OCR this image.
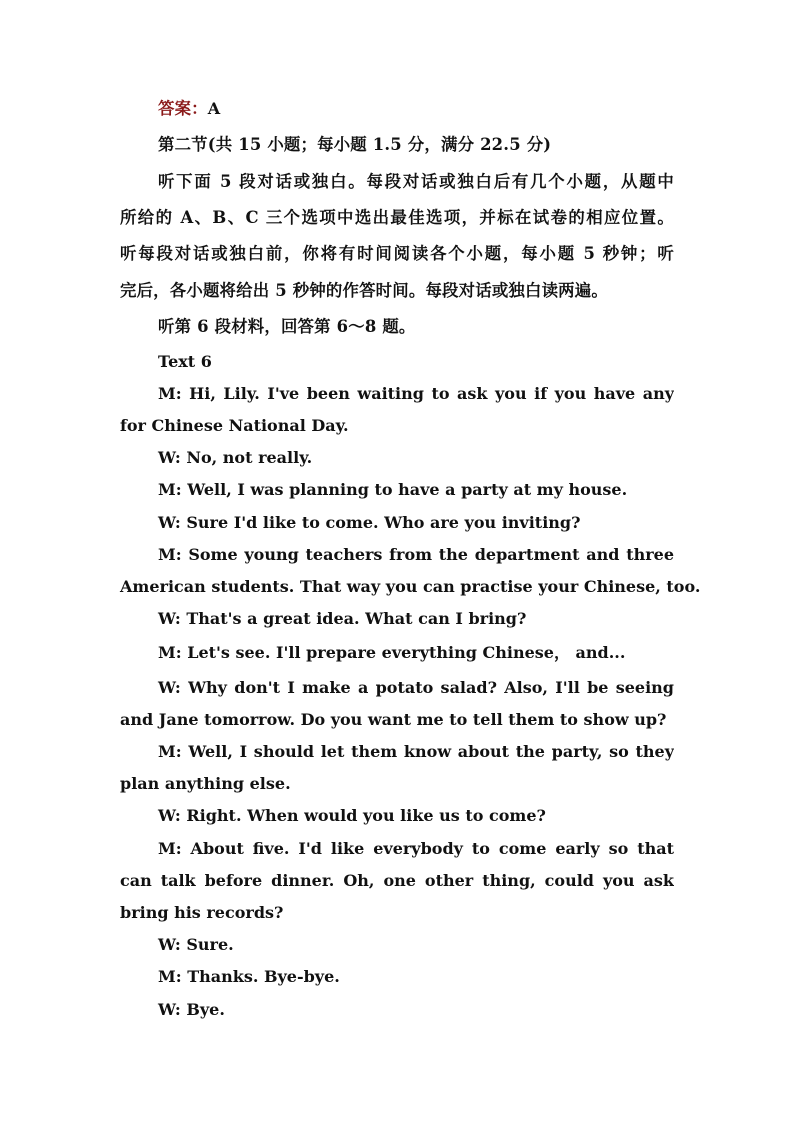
答案：A
第二节(共 15 小题；每小题 1.5 分，满分 22.5 分)
听下面 5 段对话或独白。每段对话或独白后有几个小题，从题中
所给的 A、B、C 三个选项中选出最佳选项，并标在试卷的相应位置。
听每段对话或独白前，你将有时间阅读各个小题，每小题 5 秒钟；听
完后，各小题将给出 5 秒钟的作答时间。每段对话或独白读两遍。
听第 6 段材料，回答第 6～8 题。
Text 6
M: Hi, Lily. I've been waiting to ask you if you have any
for Chinese National Day.
W: No, not really.
M: Well, I was planning to have a party at my house.
W: Sure I'd like to come. Who are you inviting?
M: Some young teachers from the department and three
American students. That way you can practise your Chinese, too.
W: That's a great idea. What can I bring?
M: Let's see. I'll prepare everything Chinese， and...
W: Why don't I make a potato salad? Also, I'll be seeing
and Jane tomorrow. Do you want me to tell them to show up?
M: Well, I should let them know about the party, so they
plan anything else.
W: Right. When would you like us to come?
M: About five. I'd like everybody to come early so that
can talk before dinner. Oh, one other thing, could you ask
bring his records?
W: Sure.
M: Thanks. Bye-bye.
W: Bye.
